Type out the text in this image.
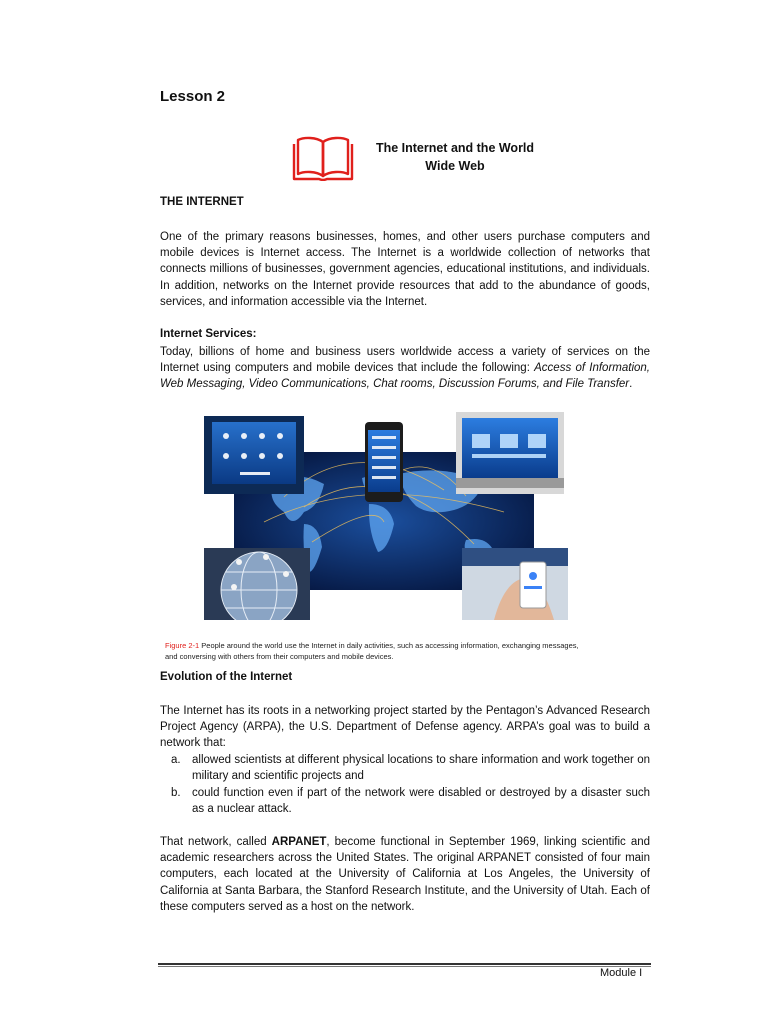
Lesson 2
The Internet and the World
Wide Web
THE INTERNET

One of the primary reasons businesses, homes, and other users purchase computers and mobile devices is Internet access. The Internet is a worldwide collection of networks that connects millions of businesses, government agencies, educational institutions, and individuals. In addition, networks on the Internet provide resources that add to the abundance of goods, services, and information accessible via the Internet.

Internet Services:

Today, billions of home and business users worldwide access a variety of services on the Internet using computers and mobile devices that include the following: Access of Information, Web Messaging, Video Communications, Chat rooms, Discussion Forums, and File Transfer.

Figure 2-1 People around the world use the Internet in daily activities, such as accessing information, exchanging messages,
and conversing with others from their computers and mobile devices.
Evolution of the Internet

The Internet has its roots in a networking project started by the Pentagon’s Advanced Research Project Agency (ARPA), the U.S. Department of Defense agency. ARPA’s goal was to build a network that:

a. allowed scientists at different physical locations to share information and work together on military and scientific projects and
b. could function even if part of the network were disabled or destroyed by a disaster such as a nuclear attack.

That network, called ARPANET, become functional in September 1969, linking scientific and academic researchers across the United States. The original ARPANET consisted of four main computers, each located at the University of California at Los Angeles, the University of California at Santa Barbara, the Stanford Research Institute, and the University of Utah. Each of these computers served as a host on the network.

Module I
